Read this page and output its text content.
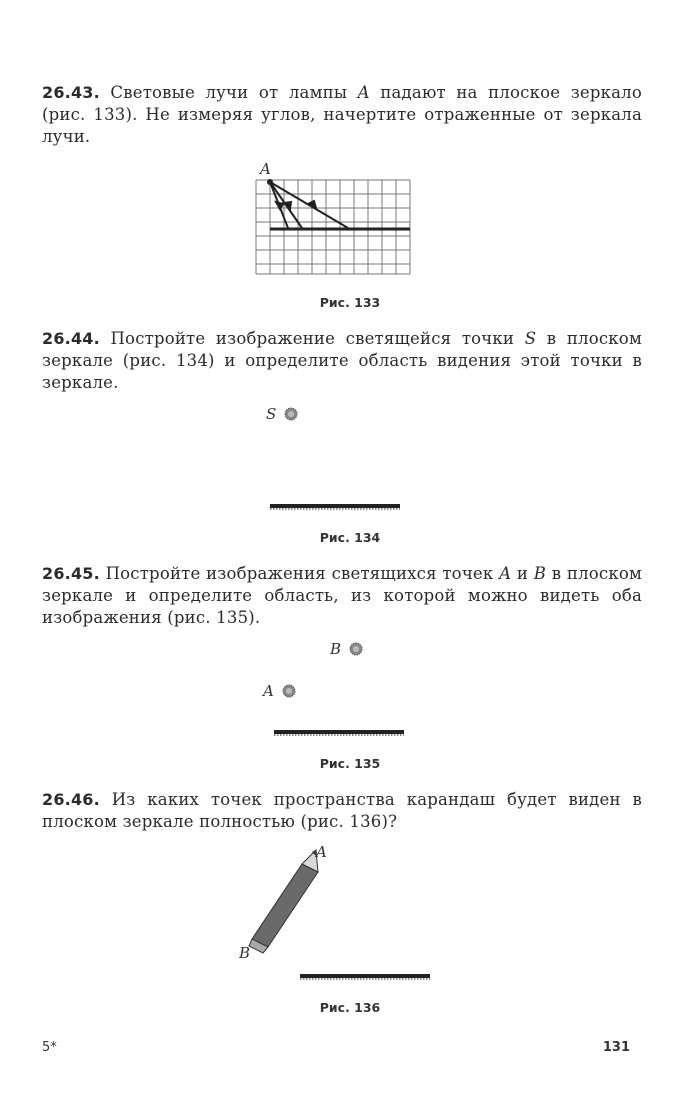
26.43. Световые лучи от лампы A падают на плоское зеркало (рис. 133). Не измеряя углов, начертите отраженные от зеркала лучи.
A
Рис. 133
26.44. Постройте изображение светящейся точки S в плоском зеркале (рис. 134) и определите область видения этой точки в зеркале.
S
Рис. 134
26.45. Постройте изображения светящихся точек A и B в плоском зеркале и определите область, из которой можно видеть оба изображения (рис. 135).
B
A
Рис. 135
26.46. Из каких точек пространства карандаш будет виден в плоском зеркале полностью (рис. 136)?
A
B
Рис. 136
5*	131
